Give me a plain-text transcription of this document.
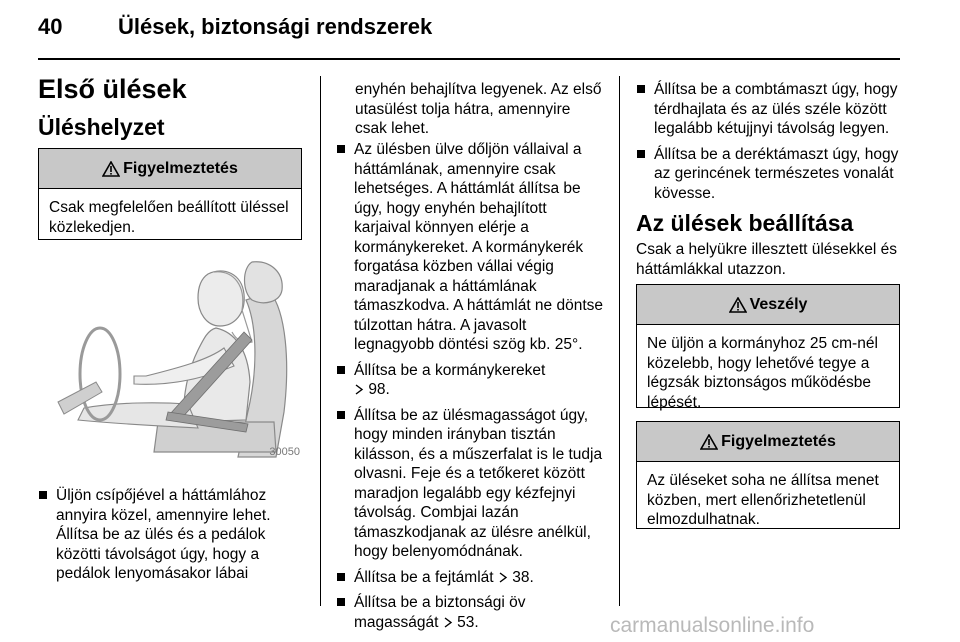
40	Ülések, biztonsági rendszerek
Első ülések
Üléshelyzet
Figyelmeztetés
Csak megfelelően beállított üléssel közlekedjen.
30050
Üljön csípőjével a háttámlához annyira közel, amennyire lehet. Állítsa be az ülés és a pedálok közötti távolságot úgy, hogy a pedálok lenyomásakor lábai
enyhén behajlítva legyenek. Az első utasülést tolja hátra, amennyire csak lehet.
Az ülésben ülve dőljön vállaival a háttámlának, amennyire csak lehetséges. A háttámlát állítsa be úgy, hogy enyhén behajlított karjaival könnyen elérje a kormánykereket. A kormánykerék forgatása közben vállai végig maradjanak a háttámlának támaszkodva. A háttámlát ne döntse túlzottan hátra. A javasolt legnagyobb döntési szög kb. 25°.
Állítsa be a kormánykereket
98.
Állítsa be az ülésmagasságot úgy, hogy minden irányban tisztán kilásson, és a műszerfalat is le tudja olvasni. Feje és a tetőkeret között maradjon legalább egy kézfejnyi távolság. Combjai lazán támaszkodjanak az ülésre anélkül, hogy belenyomódnának.
Állítsa be a fejtámlát 38.
Állítsa be a biztonsági öv magasságát 53.
Állítsa be a combtámaszt úgy, hogy térdhajlata és az ülés széle között legalább kétujjnyi távolság legyen.
Állítsa be a deréktámaszt úgy, hogy az gerincének természetes vonalát kövesse.
Az ülések beállítása

Csak a helyükre illesztett ülésekkel és háttámlákkal utazzon.

Veszély
Ne üljön a kormányhoz 25 cm-nél közelebb, hogy lehetővé tegye a légzsák biztonságos működésbe lépését.
Figyelmeztetés
Az üléseket soha ne állítsa menet közben, mert ellenőrizhetetlenül elmozdulhatnak.
carmanualsonline.info
